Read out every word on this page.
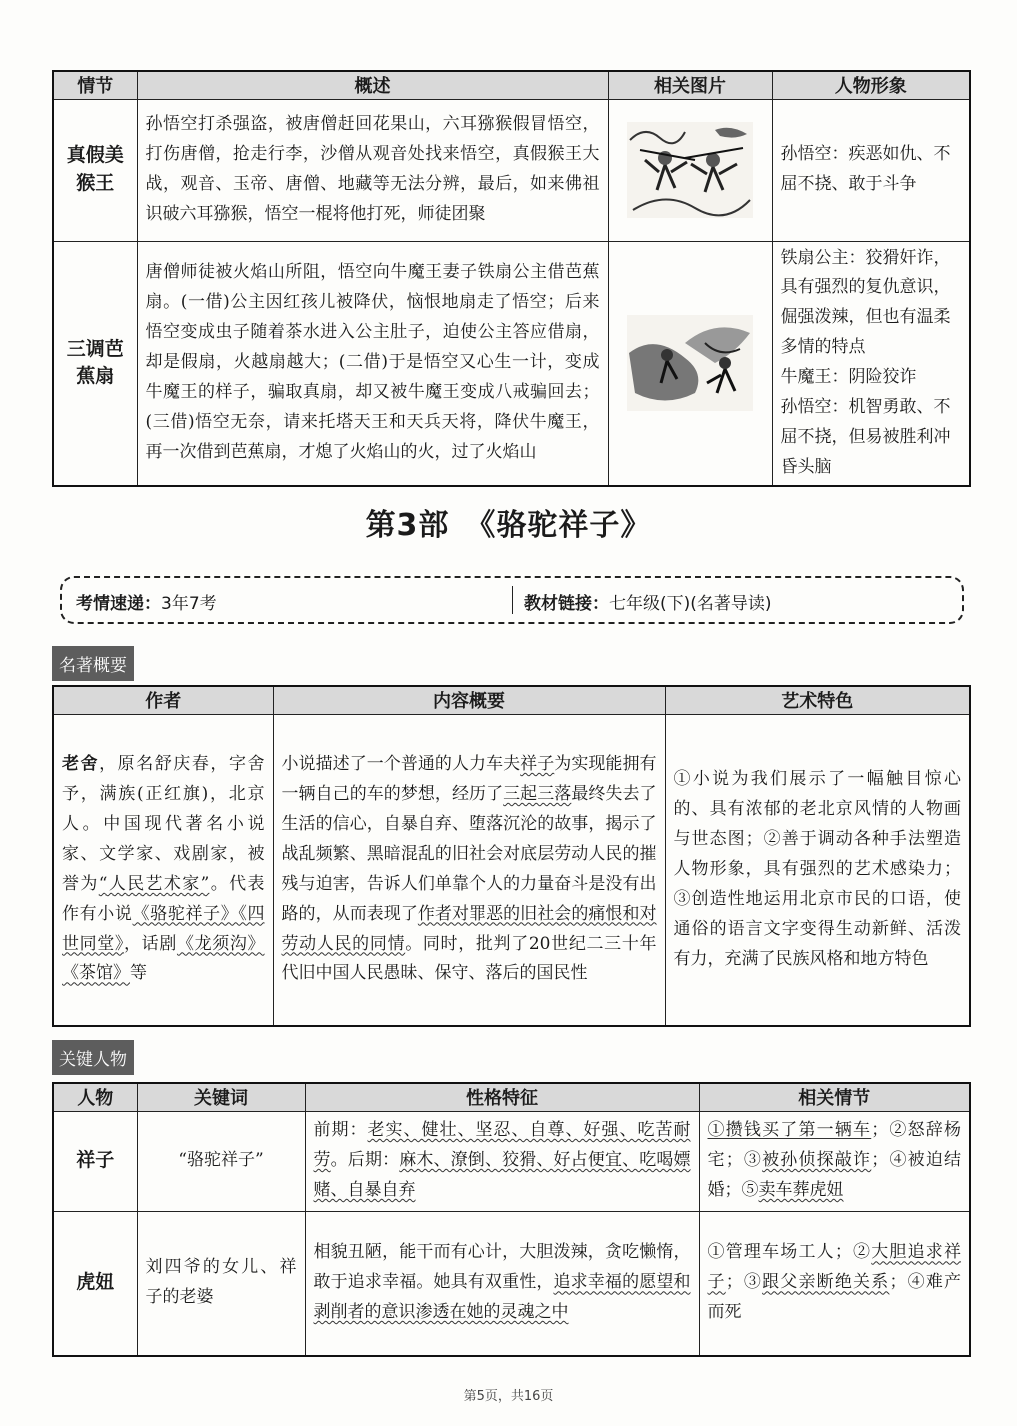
情节	概述	相关图片	人物形象

真假美猴王	孙悟空打杀强盗，被唐僧赶回花果山，六耳猕猴假冒悟空，打伤唐僧，抢走行李，沙僧从观音处找来悟空，真假猴王大战，观音、玉帝、唐僧、地藏等无法分辨，最后，如来佛祖识破六耳猕猴，悟空一棍将他打死，师徒团聚		孙悟空：疾恶如仇、不屈不挠、敢于斗争

三调芭蕉扇	唐僧师徒被火焰山所阻，悟空向牛魔王妻子铁扇公主借芭蕉扇。(一借)公主因红孩儿被降伏，恼恨地扇走了悟空；后来悟空变成虫子随着茶水进入公主肚子，迫使公主答应借扇，却是假扇，火越扇越大；(二借)于是悟空又心生一计，变成牛魔王的样子，骗取真扇，却又被牛魔王变成八戒骗回去；(三借)悟空无奈，请来托塔天王和天兵天将，降伏牛魔王，再一次借到芭蕉扇，才熄了火焰山的火，过了火焰山		铁扇公主：狡猾奸诈，具有强烈的复仇意识，倔强泼辣，但也有温柔多情的特点
牛魔王：阴险狡诈
孙悟空：机智勇敢、不屈不挠，但易被胜利冲昏头脑
第3部　《骆驼祥子》
考情速递：3年7考	教材链接：七年级(下)(名著导读)
名著概要
作者	内容概要	艺术特色
老舍，原名舒庆春，字舍予，满族(正红旗)，北京人。中国现代著名小说家、文学家、戏剧家，被誉为“人民艺术家”。代表作有小说《骆驼祥子》《四世同堂》，话剧《龙须沟》《茶馆》等	小说描述了一个普通的人力车夫祥子为实现能拥有一辆自己的车的梦想，经历了三起三落最终失去了生活的信心，自暴自弃、堕落沉沦的故事，揭示了战乱频繁、黑暗混乱的旧社会对底层劳动人民的摧残与迫害，告诉人们单靠个人的力量奋斗是没有出路的，从而表现了作者对罪恶的旧社会的痛恨和对劳动人民的同情。同时，批判了20世纪二三十年代旧中国人民愚昧、保守、落后的国民性	①小说为我们展示了一幅触目惊心的、具有浓郁的老北京风情的人物画与世态图；②善于调动各种手法塑造人物形象，具有强烈的艺术感染力；③创造性地运用北京市民的口语，使通俗的语言文字变得生动新鲜、活泼有力，充满了民族风格和地方特色
关键人物
人物	关键词	性格特征	相关情节
祥子	“骆驼祥子”	前期：老实、健壮、坚忍、自尊、好强、吃苦耐劳。后期：麻木、潦倒、狡猾、好占便宜、吃喝嫖赌、自暴自弃	①攒钱买了第一辆车；②怒辞杨宅；③被孙侦探敲诈；④被迫结婚；⑤卖车葬虎妞
虎妞	刘四爷的女儿、祥子的老婆	相貌丑陋，能干而有心计，大胆泼辣，贪吃懒惰，敢于追求幸福。她具有双重性，追求幸福的愿望和剥削者的意识渗透在她的灵魂之中	①管理车场工人；②大胆追求祥子；③跟父亲断绝关系；④难产而死
第5页，共16页
